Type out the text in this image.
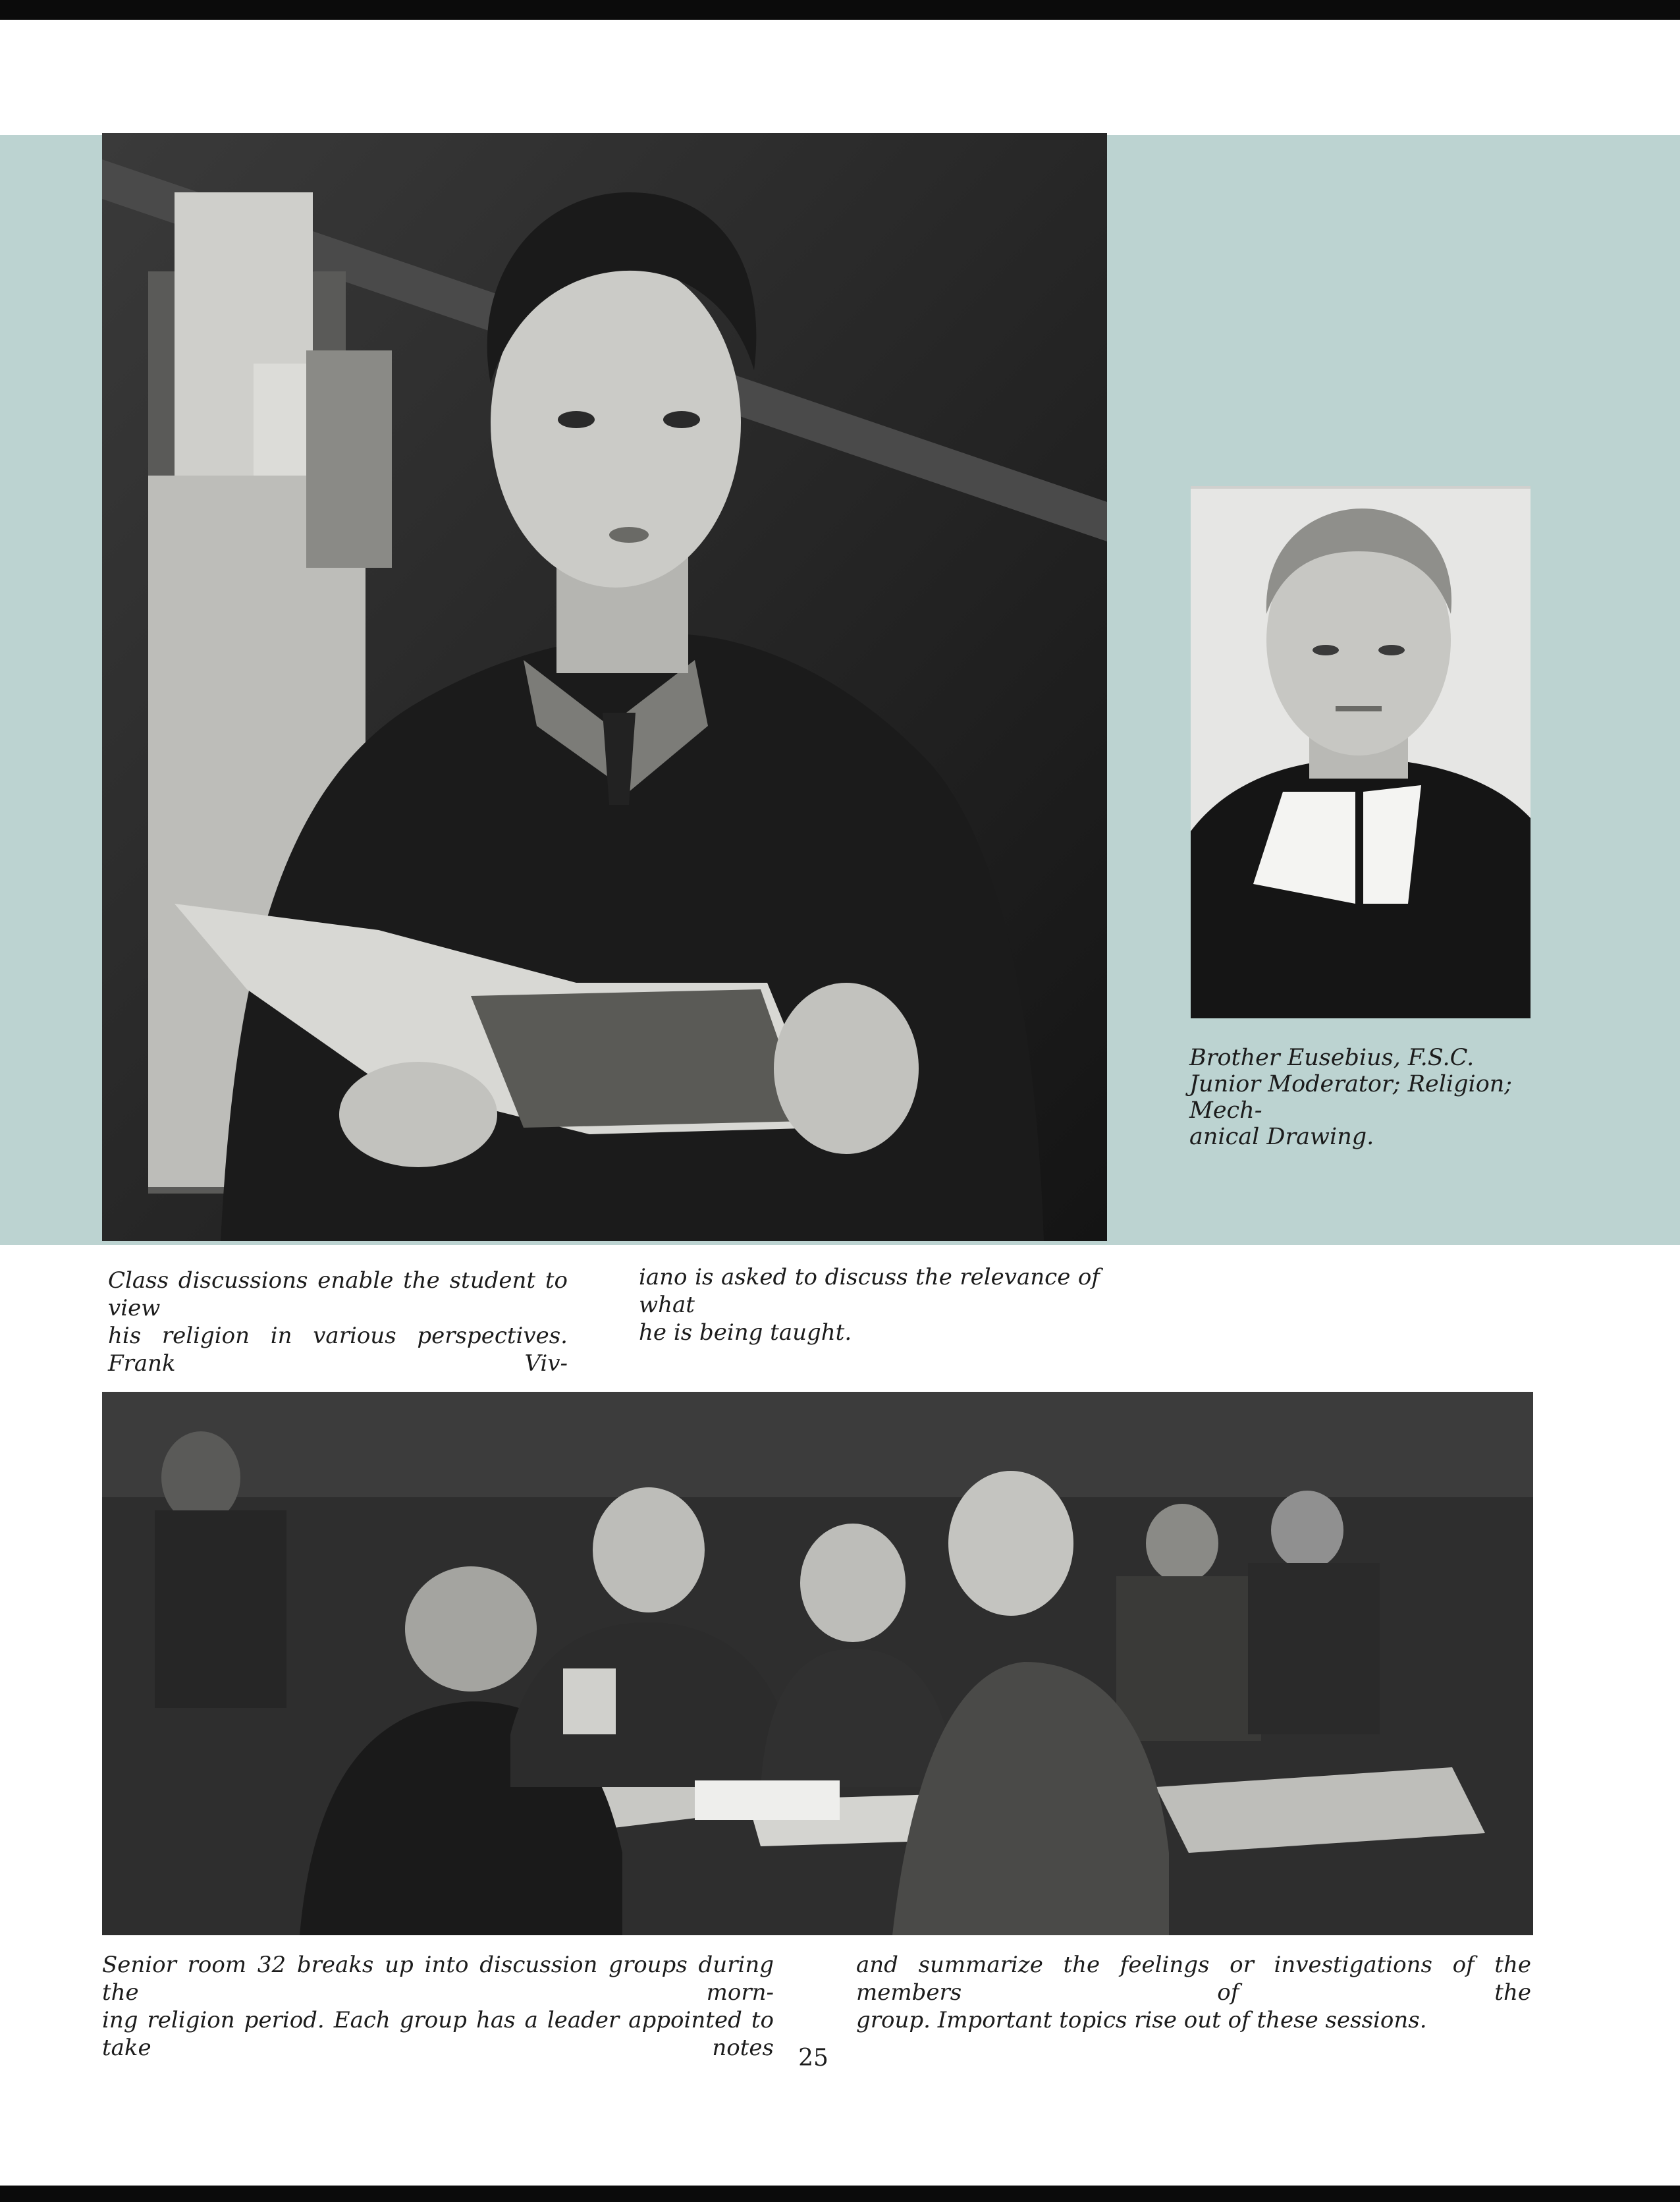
Brother Eusebius, F.S.C.

Junior Moderator; Religion; Mech-

anical Drawing.

Class discussions enable the student to view

his religion in various perspectives. Frank Viv-

iano is asked to discuss the relevance of what

he is being taught.

Senior room 32 breaks up into discussion groups during the morn-

ing religion period. Each group has a leader appointed to take notes

and summarize the feelings or investigations of the members of the

group. Important topics rise out of these sessions.

25
